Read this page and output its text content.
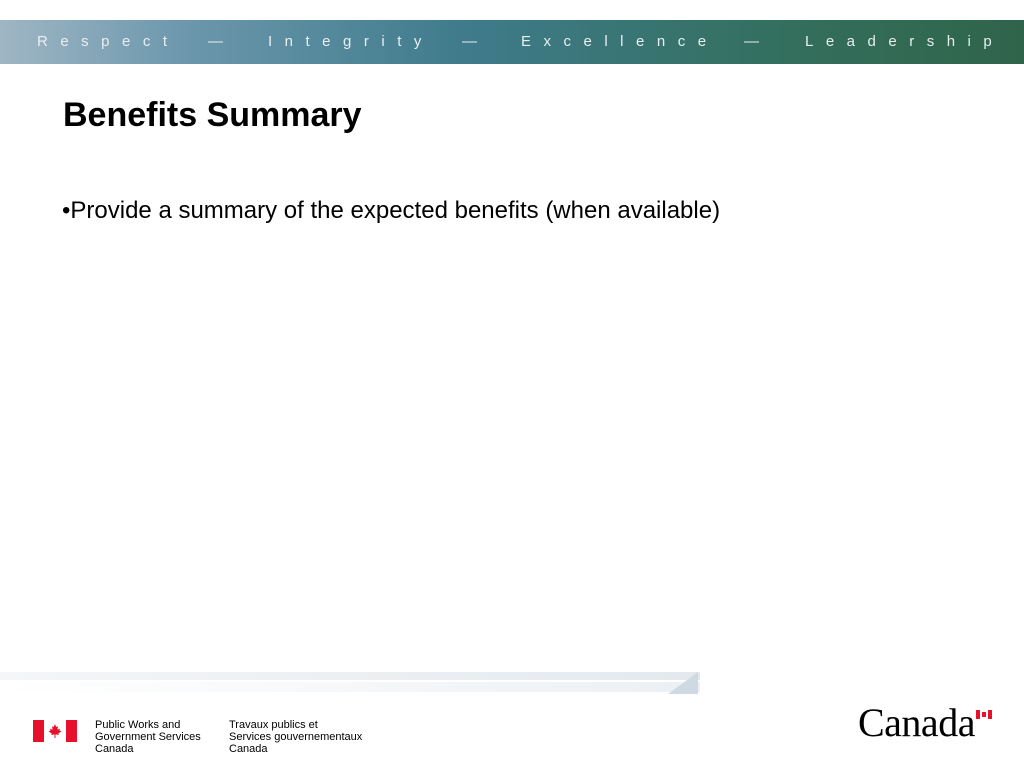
Respect —	Integrity —	Excellence —	Leadership
Benefits Summary
•Provide a summary of the expected benefits (when available)
Public Works and
Government Services
Canada
Travaux publics et
Services gouvernementaux
Canada
Canada
